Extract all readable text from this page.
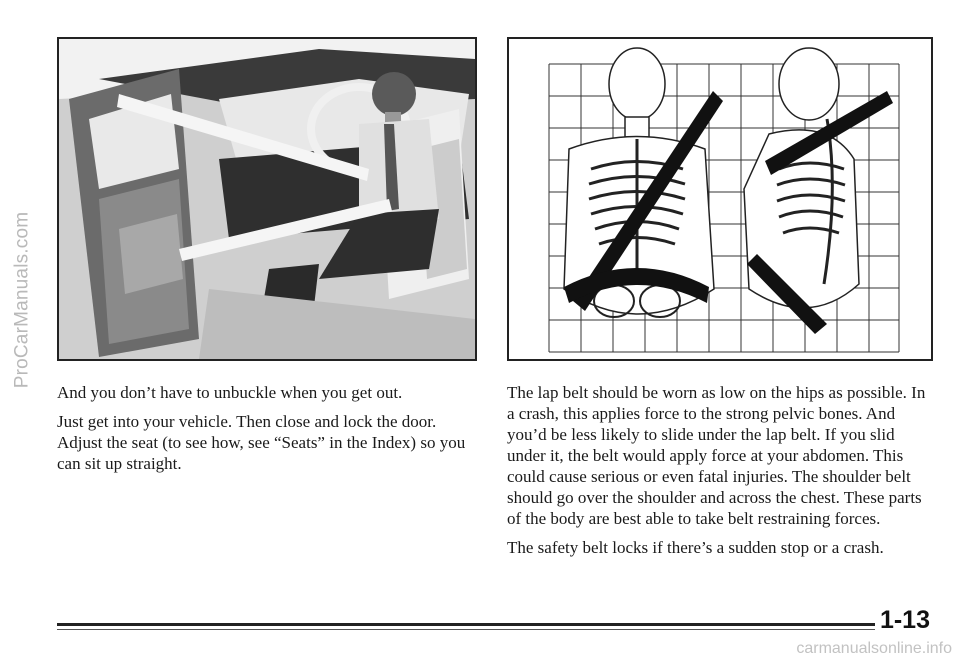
ProCarManuals.com

And you don’t have to unbuckle when you get out.

Just get into your vehicle. Then close and lock the door. Adjust the seat (to see how, see “Seats” in the Index) so you can sit up straight.

The lap belt should be worn as low on the hips as possible. In a crash, this applies force to the strong pelvic bones. And you’d be less likely to slide under the lap belt. If you slid under it, the belt would apply force at your abdomen. This could cause serious or even fatal injuries. The shoulder belt should go over the shoulder and across the chest. These parts of the body are best able to take belt restraining forces.

The safety belt locks if there’s a sudden stop or a crash.

1-13
carmanualsonline.info
